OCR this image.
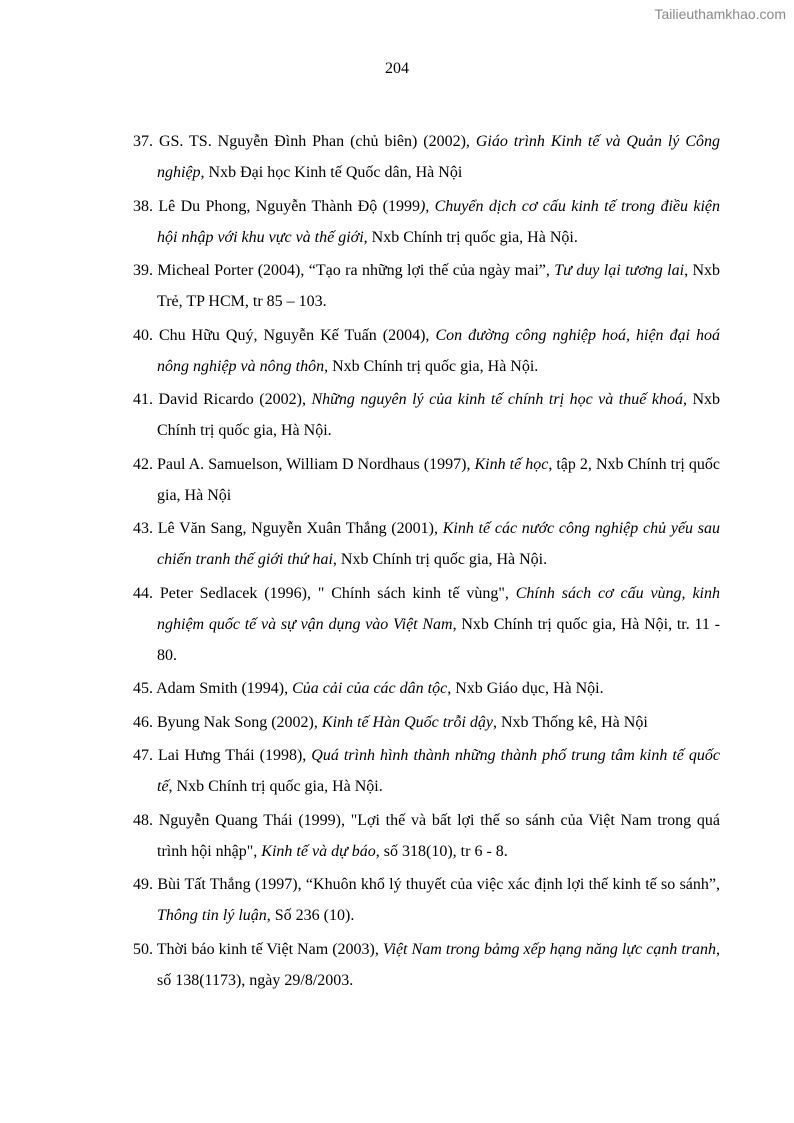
Tailieuthamkhao.com
204
37. GS. TS. Nguyễn Đình Phan (chủ biên) (2002), Giáo trình Kinh tế và Quản lý Công nghiệp, Nxb Đại học Kinh tế Quốc dân, Hà Nội
38. Lê Du Phong, Nguyễn Thành Độ (1999), Chuyển dịch cơ cấu kinh tế trong điều kiện hội nhập với khu vực và thế giới, Nxb Chính trị quốc gia, Hà Nội.
39. Micheal Porter (2004), “Tạo ra những lợi thế của ngày mai”, Tư duy lại tương lai, Nxb Trẻ, TP HCM, tr 85 – 103.
40. Chu Hữu Quý, Nguyễn Kế Tuấn (2004), Con đường công nghiệp hoá, hiện đại hoá nông nghiệp và nông thôn, Nxb Chính trị quốc gia, Hà Nội.
41. David Ricardo (2002), Những nguyên lý của kinh tế chính trị học và thuế khoá, Nxb Chính trị quốc gia, Hà Nội.
42. Paul A. Samuelson, William D Nordhaus (1997), Kinh tế học, tập 2, Nxb Chính trị quốc gia, Hà Nội
43. Lê Văn Sang, Nguyễn Xuân Thắng (2001), Kinh tế các nước công nghiệp chủ yếu sau chiến tranh thế giới thứ hai, Nxb Chính trị quốc gia, Hà Nội.
44. Peter Sedlacek (1996), " Chính sách kinh tế vùng", Chính sách cơ cấu vùng, kinh nghiệm quốc tế và sự vận dụng vào Việt Nam, Nxb Chính trị quốc gia, Hà Nội, tr. 11 - 80.
45. Adam Smith (1994), Của cải của các dân tộc, Nxb Giáo dục, Hà Nội.
46. Byung Nak Song (2002), Kinh tế Hàn Quốc trỗi dậy, Nxb Thống kê, Hà Nội
47. Lai Hưng Thái (1998), Quá trình hình thành những thành phố trung tâm kinh tế quốc tế, Nxb Chính trị quốc gia, Hà Nội.
48. Nguyễn Quang Thái (1999), "Lợi thế và bất lợi thế so sánh của Việt Nam trong quá trình hội nhập", Kinh tế và dự báo, số 318(10), tr 6 - 8.
49. Bùi Tất Thắng (1997), “Khuôn khổ lý thuyết của việc xác định lợi thế kinh tế so sánh”, Thông tin lý luận, Số 236 (10).
50. Thời báo kinh tế Việt Nam (2003), Việt Nam trong bảmg xếp hạng năng lực cạnh tranh, số 138(1173), ngày 29/8/2003.
